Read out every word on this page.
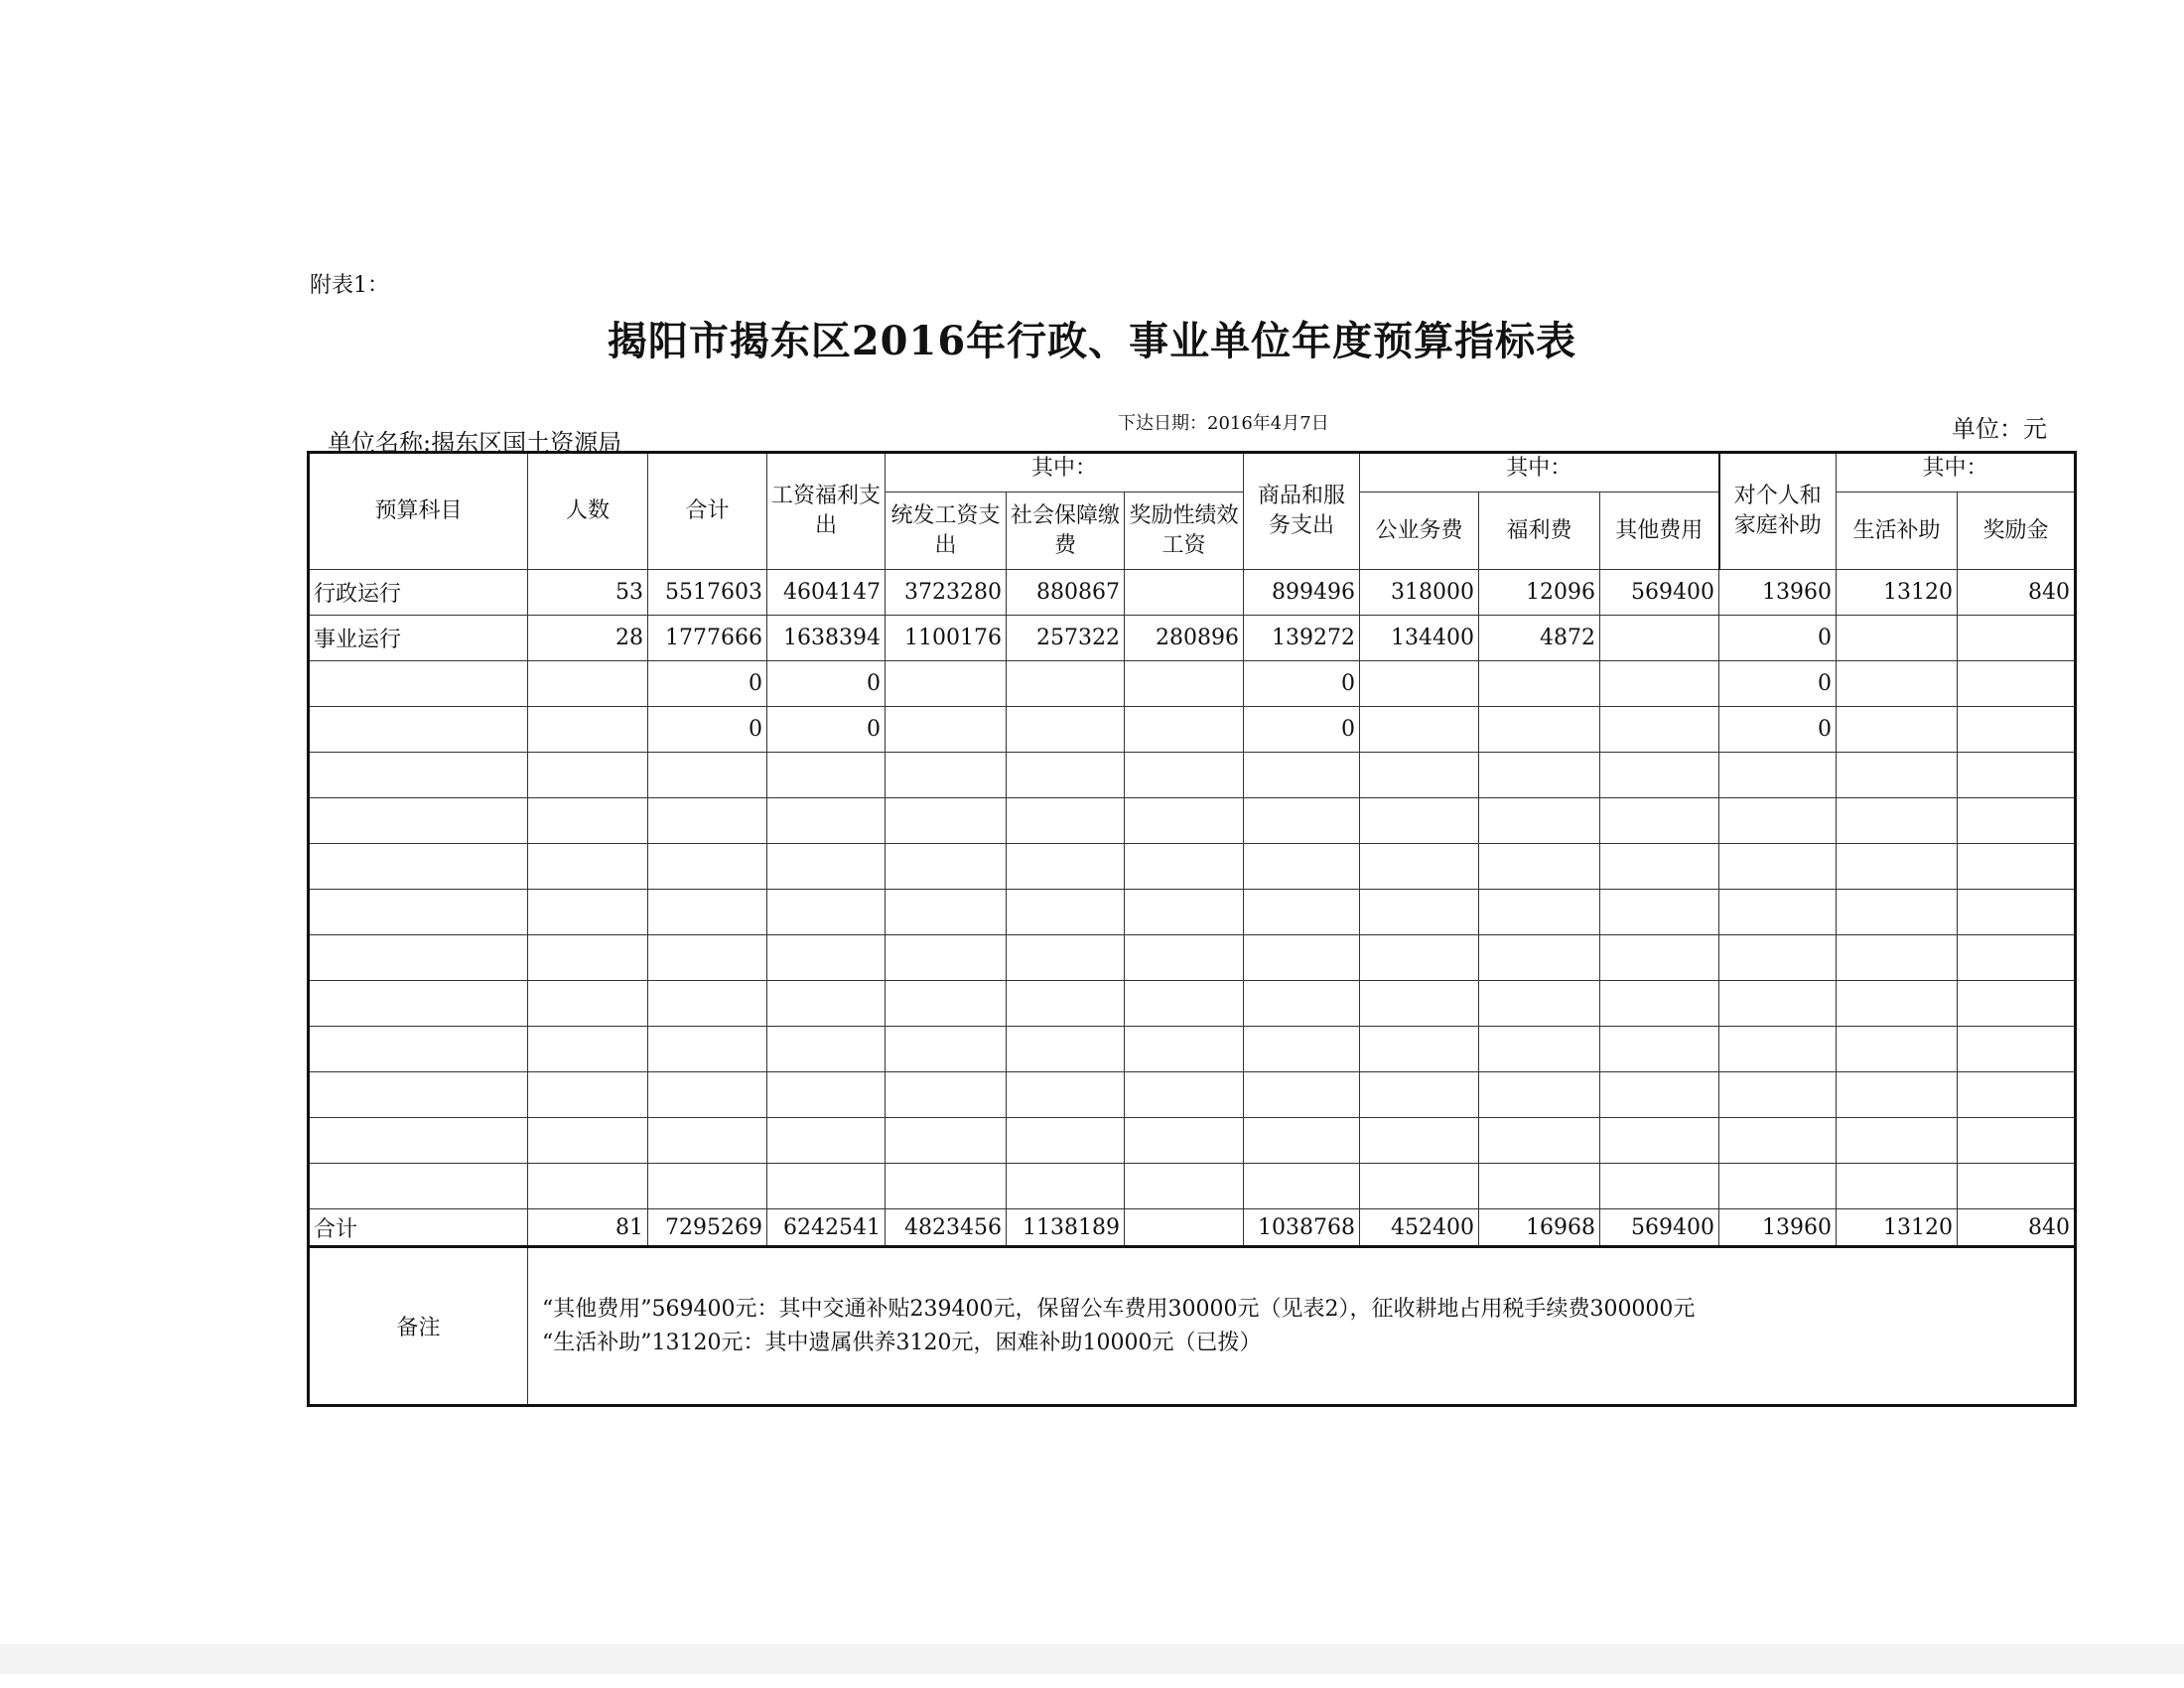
附表1：
揭阳市揭东区2016年行政、事业单位年度预算指标表
单位名称:揭东区国土资源局
下达日期：2016年4月7日	单位：元
预算科目	人数	合计	工资福利支出	其中：			商品和服务支出	其中：			对个人和家庭补助	其中：	
				统发工资支出	社会保障缴费	奖励性绩效工资		公业务费	福利费	其他费用		生活补助	奖励金
行政运行	53	5517603	4604147	3723280	880867		899496	318000	12096	569400	13960	13120	840
事业运行	28	1777666	1638394	1100176	257322	280896	139272	134400	4872		0		
		0	0				0				0		
		0	0				0				0		

合计	81	7295269	6242541	4823456	1138189		1038768	452400	16968	569400	13960	13120	840
备注	“其他费用”569400元：其中交通补贴239400元，保留公车费用30000元（见表2），征收耕地占用税手续费300000元
“生活补助”13120元：其中遗属供养3120元，困难补助10000元（已拨）												
